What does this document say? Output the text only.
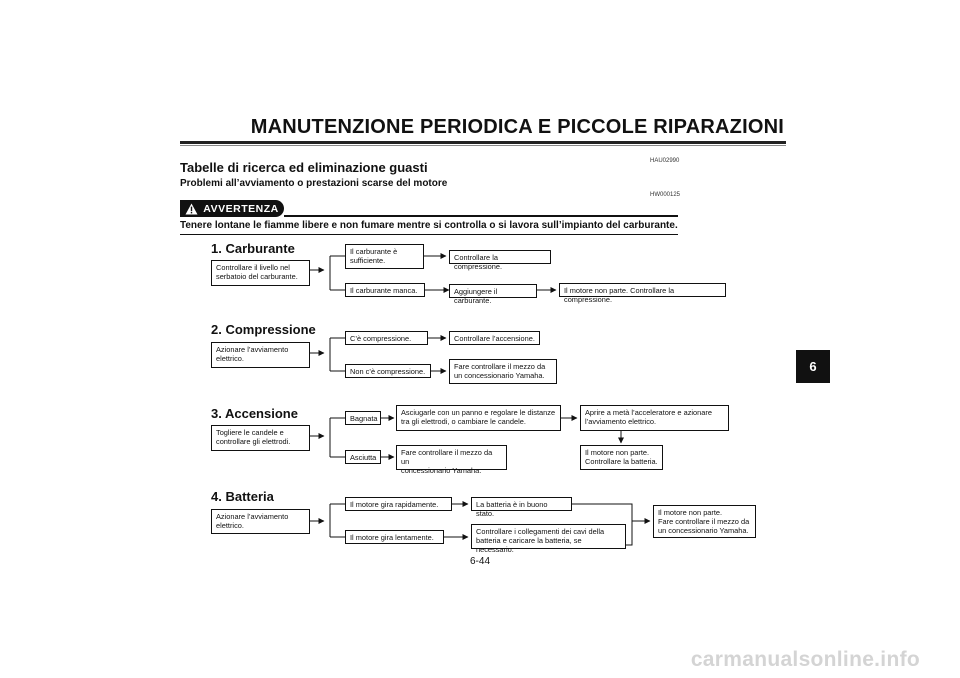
MANUTENZIONE PERIODICA E PICCOLE RIPARAZIONI
HAU02990
Tabelle di ricerca ed eliminazione guasti
Problemi all’avviamento o prestazioni scarse del motore
HW000125
AVVERTENZA
Tenere lontane le fiamme libere e non fumare mentre si controlla o si lavora sull’impianto del carburante.
6
1. Carburante
Controllare il livello nel
serbatoio del carburante.
Il carburante è
sufficiente.	Controllare la compressione.
Il carburante manca.	Aggiungere il carburante.
Il motore non parte. Controllare la compressione.
2. Compressione
Azionare l’avviamento
elettrico.
C’è compressione.	Controllare l’accensione.
Non c’è compressione.
Fare controllare il mezzo da
un concessionario Yamaha.
3. Accensione
Togliere le candele e
controllare gli elettrodi.
Bagnata
Asciugarle con un panno e regolare le distanze
tra gli elettrodi, o cambiare le candele.
Aprire a metà l’acceleratore e azionare
l’avviamento elettrico.
Il motore non parte.
Controllare la batteria.
Asciutta
Fare controllare il mezzo da un
concessionario Yamaha.
4. Batteria
Azionare l’avviamento
elettrico.
Il motore gira rapidamente.	La batteria è in buono stato.
Il motore gira lentamente.
Controllare i collegamenti dei cavi della
batteria e caricare la batteria, se necessario.
Il motore non parte.
Fare controllare il mezzo da
un concessionario Yamaha.
6-44
carmanualsonline.info
